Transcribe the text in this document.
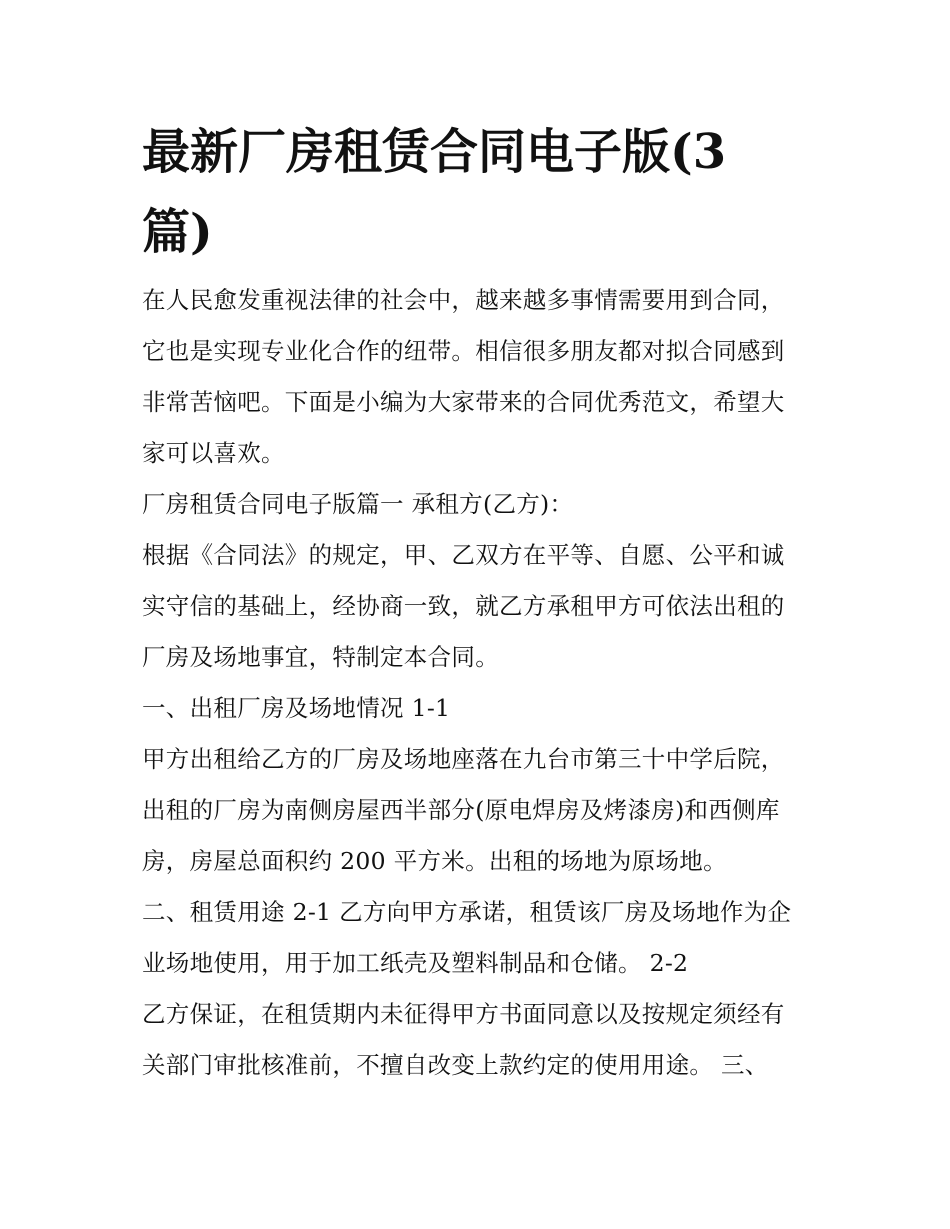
最新厂房租赁合同电子版(3
篇)
在人民愈发重视法律的社会中，越来越多事情需要用到合同，
它也是实现专业化合作的纽带。相信很多朋友都对拟合同感到
非常苦恼吧。下面是小编为大家带来的合同优秀范文，希望大
家可以喜欢。
厂房租赁合同电子版篇一 承租方(乙方)：
根据《合同法》的规定，甲、乙双方在平等、自愿、公平和诚
实守信的基础上，经协商一致，就乙方承租甲方可依法出租的
厂房及场地事宜，特制定本合同。
一、出租厂房及场地情况 1-1
甲方出租给乙方的厂房及场地座落在九台市第三十中学后院，
出租的厂房为南侧房屋西半部分(原电焊房及烤漆房)和西侧库
房，房屋总面积约 200 平方米。出租的场地为原场地。
二、租赁用途 2-1 乙方向甲方承诺，租赁该厂房及场地作为企
业场地使用，用于加工纸壳及塑料制品和仓储。 2-2
乙方保证，在租赁期内未征得甲方书面同意以及按规定须经有
关部门审批核准前，不擅自改变上款约定的使用用途。 三、
